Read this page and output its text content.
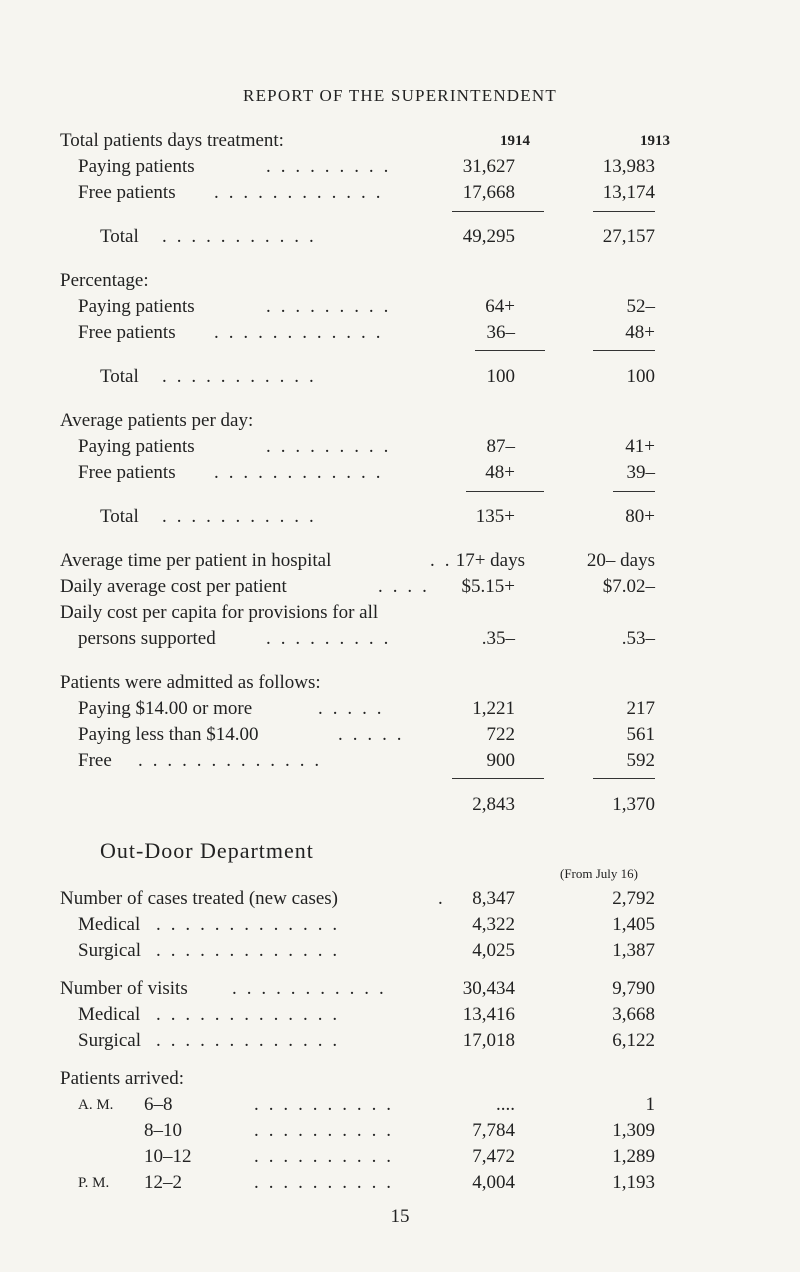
REPORT OF THE SUPERINTENDENT
Total patients days treatment:	1914	1913
Paying patients	. . . . . . . . .	31,627	13,983
Free patients . . . . . . . . . . . .	17,668	13,174
Total . . . . . . . . . . .	49,295	27,157
Percentage:
Paying patients	. . . . . . . . .	64+	52–
Free patients . . . . . . . . . . . .	36–	48+
Total . . . . . . . . . . .	100	100
Average patients per day:
Paying patients	. . . . . . . . .	87–	41+
Free patients . . . . . . . . . . . .	48+	39–
Total . . . . . . . . . . .	135+	80+
Average time per patient in hospital	. . 17+ days	20– days
Daily average cost per patient	. . . . $5.15+	$7.02–
Daily cost per capita for provisions for all
persons supported	. . . . . . . . .	.35–	.53–
Patients were admitted as follows:
Paying $14.00 or more	. . . . .	1,221	217
Paying less than $14.00	. . . . .	722	561
Free . . . . . . . . . . . . .	900	592
2,843	1,370
Out-Door Department
(From July 16)
Number of cases treated (new cases)	. 8,347	2,792
Medical . . . . . . . . . . . . .	4,322	1,405
Surgical . . . . . . . . . . . . .	4,025	1,387
Number of visits . . . . . . . . . . .	30,434	9,790
Medical . . . . . . . . . . . . .	13,416	3,668
Surgical . . . . . . . . . . . . .	17,018	6,122
Patients arrived:
A. M. 6–8	. . . . . . . . . .	....	1
8–10	. . . . . . . . . .	7,784	1,309
10–12	. . . . . . . . . .	7,472	1,289
P. M. 12–2	. . . . . . . . . .	4,004	1,193
15
